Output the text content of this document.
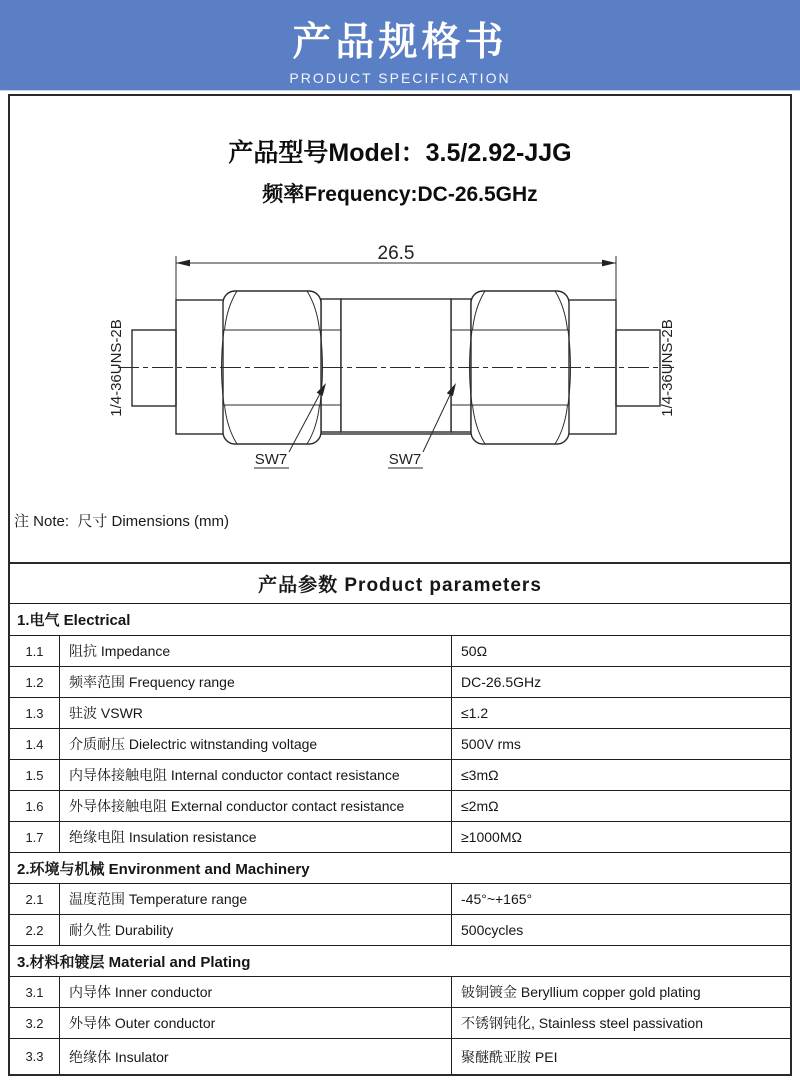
产品规格书
PRODUCT SPECIFICATION
产品型号Model：3.5/2.92-JJG
频率Frequency:DC-26.5GHz
26.5
1/4-36UNS-2B	1/4-36UNS-2B
SW7	SW7
注 Note:  尺寸 Dimensions (mm)
产品参数 Product parameters
1.电气 Electrical
1.1	阻抗 Impedance	50Ω
1.2	频率范围 Frequency range	DC-26.5GHz
1.3	驻波 VSWR	≤1.2
1.4	介质耐压 Dielectric witnstanding voltage	500V rms
1.5	内导体接触电阻 Internal conductor contact resistance	≤3mΩ
1.6	外导体接触电阻 External conductor contact resistance	≤2mΩ
1.7	绝缘电阻 Insulation resistance	≥1000MΩ
2.环境与机械 Environment and Machinery
2.1	温度范围 Temperature range	-45°~+165°
2.2	耐久性 Durability	500cycles
3.材料和镀层 Material and Plating
3.1	内导体 Inner conductor	铍铜镀金 Beryllium copper gold plating
3.2	外导体 Outer conductor	不锈钢钝化, Stainless steel passivation
3.3	绝缘体 Insulator	聚醚酰亚胺 PEI
